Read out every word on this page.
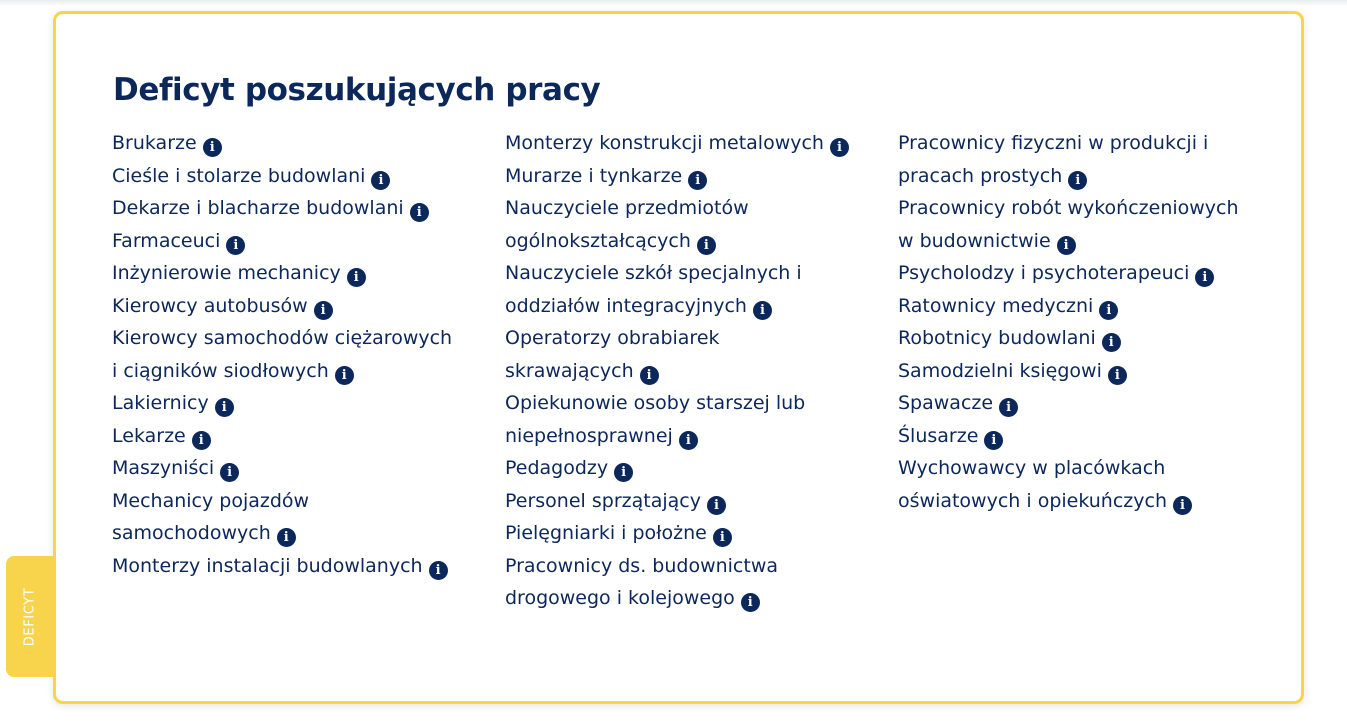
Deficyt poszukujących pracy
Brukarze i
Cieśle i stolarze budowlani i
Dekarze i blacharze budowlani i
Farmaceuci i
Inżynierowie mechanicy i
Kierowcy autobusów i
Kierowcy samochodów ciężarowych i ciągników siodłowych i
Lakiernicy i
Lekarze i
Maszyniści i
Mechanicy pojazdów samochodowych i
Monterzy instalacji budowlanych i
Monterzy konstrukcji metalowych i
Murarze i tynkarze i
Nauczyciele przedmiotów ogólnokształcących i
Nauczyciele szkół specjalnych i oddziałów integracyjnych i
Operatorzy obrabiarek skrawających i
Opiekunowie osoby starszej lub niepełnosprawnej i
Pedagodzy i
Personel sprzątający i
Pielęgniarki i położne i
Pracownicy ds. budownictwa drogowego i kolejowego i
Pracownicy fizyczni w produkcji i pracach prostych i
Pracownicy robót wykończeniowych w budownictwie i
Psycholodzy i psychoterapeuci i
Ratownicy medyczni i
Robotnicy budowlani i
Samodzielni księgowi i
Spawacze i
Ślusarze i
Wychowawcy w placówkach oświatowych i opiekuńczych i
DEFICYT
